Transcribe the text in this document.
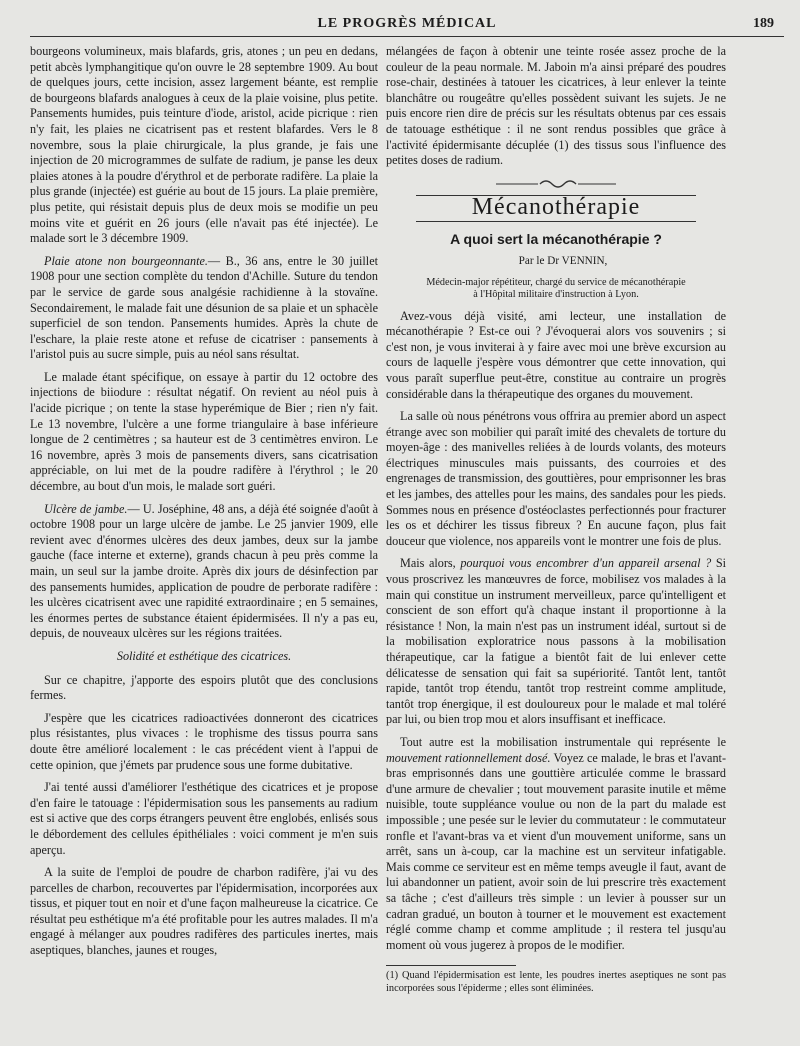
LE PROGRÈS MÉDICAL	189

bourgeons volumineux, mais blafards, gris, atones ; un peu en dedans, petit abcès lymphangitique qu'on ouvre le 28 septembre 1909. Au bout de quelques jours, cette incision, assez largement béante, est remplie de bourgeons blafards analogues à ceux de la plaie voisine, plus petite. Pansements humides, puis teinture d'iode, aristol, acide picrique : rien n'y fait, les plaies ne cicatrisent pas et restent blafardes. Vers le 8 novembre, sous la plaie chirurgicale, la plus grande, je fais une injection de 20 microgrammes de sulfate de radium, je panse les deux plaies atones à la poudre d'érythrol et de perborate radifère. La plaie la plus grande (injectée) est guérie au bout de 15 jours. La plaie première, plus petite, qui résistait depuis plus de deux mois se modifie un peu moins vite et guérit en 26 jours (elle n'avait pas été injectée). Le malade sort le 3 décembre 1909.

Plaie atone non bourgeonnante.— B., 36 ans, entre le 30 juillet 1908 pour une section complète du tendon d'Achille. Suture du tendon par le service de garde sous analgésie rachidienne à la stovaïne. Secondairement, le malade fait une désunion de sa plaie et un sphacèle superficiel de son tendon. Pansements humides. Après la chute de l'eschare, la plaie reste atone et refuse de cicatriser : pansements à l'aristol puis au sucre simple, puis au néol sans résultat.

Le malade étant spécifique, on essaye à partir du 12 octobre des injections de biiodure : résultat négatif. On revient au néol puis à l'acide picrique ; on tente la stase hyperémique de Bier ; rien n'y fait. Le 13 novembre, l'ulcère a une forme triangulaire à base inférieure longue de 2 centimètres ; sa hauteur est de 3 centimètres environ. Le 16 novembre, après 3 mois de pansements divers, sans cicatrisation appréciable, on lui met de la poudre radifère à l'érythrol ; le 20 décembre, au bout d'un mois, le malade sort guéri.

Ulcère de jambe.— U. Joséphine, 48 ans, a déjà été soignée d'août à octobre 1908 pour un large ulcère de jambe. Le 25 janvier 1909, elle revient avec d'énormes ulcères des deux jambes, deux sur la jambe gauche (face interne et externe), grands chacun à peu près comme la main, un seul sur la jambe droite. Après dix jours de désinfection par des pansements humides, application de poudre de perborate radifère : les ulcères cicatrisent avec une rapidité extraordinaire ; en 5 semaines, les énormes pertes de substance étaient épidermisées. Il n'y a pas eu, depuis, de nouveaux ulcères sur les régions traitées.

Solidité et esthétique des cicatrices.

Sur ce chapitre, j'apporte des espoirs plutôt que des conclusions fermes.

J'espère que les cicatrices radioactivées donneront des cicatrices plus résistantes, plus vivaces : le trophisme des tissus pourra sans doute être amélioré localement : le cas précédent vient à l'appui de cette opinion, que j'émets par prudence sous une forme dubitative.

J'ai tenté aussi d'améliorer l'esthétique des cicatrices et je propose d'en faire le tatouage : l'épidermisation sous les pansements au radium est si active que des corps étrangers peuvent être englobés, enlisés sous le débordement des cellules épithéliales : voici comment je m'en suis aperçu.

A la suite de l'emploi de poudre de charbon radifère, j'ai vu des parcelles de charbon, recouvertes par l'épidermisation, incorporées aux tissus, et piquer tout en noir et d'une façon malheureuse la cicatrice. Ce résultat peu esthétique m'a été profitable pour les autres malades. Il m'a engagé à mélanger aux poudres radifères des particules inertes, mais aseptiques, blanches, jaunes et rouges,

mélangées de façon à obtenir une teinte rosée assez proche de la couleur de la peau normale. M. Jaboin m'a ainsi préparé des poudres rose-chair, destinées à tatouer les cicatrices, à leur enlever la teinte blanchâtre ou rougeâtre qu'elles possèdent suivant les sujets. Je ne puis encore rien dire de précis sur les résultats obtenus par ces essais de tatouage esthétique : il ne sont rendus possibles que grâce à l'activité épidermisante décuplée (1) des tissus sous l'influence des petites doses de radium.

Mécanothérapie
A quoi sert la mécanothérapie ?

Par le Dr VENNIN,

Médecin-major répétiteur, chargé du service de mécanothérapie
à l'Hôpital militaire d'instruction à Lyon.

Avez-vous déjà visité, ami lecteur, une installation de mécanothérapie ? Est-ce oui ? J'évoquerai alors vos souvenirs ; si c'est non, je vous inviterai à y faire avec moi une brève excursion au cours de laquelle j'espère vous démontrer que cette innovation, qui vous paraît superflue peut-être, constitue au contraire un progrès considérable dans la thérapeutique des organes du mouvement.

La salle où nous pénétrons vous offrira au premier abord un aspect étrange avec son mobilier qui paraît imité des chevalets de torture du moyen-âge : des manivelles reliées à de lourds volants, des moteurs électriques minuscules mais puissants, des courroies et des engrenages de transmission, des gouttières, pour emprisonner les bras et les jambes, des attelles pour les mains, des sandales pour les pieds. Sommes nous en présence d'ostéoclastes perfectionnés pour fracturer les os et déchirer les tissus fibreux ? En aucune façon, plus fait douceur que violence, nos appareils vont le montrer une fois de plus.

Mais alors, pourquoi vous encombrer d'un appareil arsenal ? Si vous proscrivez les manœuvres de force, mobilisez vos malades à la main qui constitue un instrument merveilleux, parce qu'intelligent et conscient de son effort qu'à chaque instant il proportionne à la résistance ! Non, la main n'est pas un instrument idéal, surtout si de la mobilisation exploratrice nous passons à la mobilisation thérapeutique, car la fatigue a bientôt fait de lui enlever cette délicatesse de sensation qui fait sa supériorité. Tantôt lent, tantôt rapide, tantôt trop étendu, tantôt trop restreint comme amplitude, tantôt trop énergique, il est douloureux pour le malade et mal toléré par lui, ou bien trop mou et alors insuffisant et inefficace.

Tout autre est la mobilisation instrumentale qui représente le mouvement rationnellement dosé. Voyez ce malade, le bras et l'avant-bras emprisonnés dans une gouttière articulée comme le brassard d'une armure de chevalier ; tout mouvement parasite inutile et même nuisible, toute suppléance voulue ou non de la part du malade est impossible ; une pesée sur le levier du commutateur : le commutateur ronfle et l'avant-bras va et vient d'un mouvement uniforme, sans un arrêt, sans un à-coup, car la machine est un serviteur infatigable. Mais comme ce serviteur est en même temps aveugle il faut, avant de lui abandonner un patient, avoir soin de lui prescrire très exactement sa tâche ; c'est d'ailleurs très simple : un levier à pousser sur un cadran gradué, un bouton à tourner et le mouvement est exactement réglé comme champ et comme amplitude ; il restera tel jusqu'au moment où vous jugerez à propos de le modifier.

(1) Quand l'épidermisation est lente, les poudres inertes aseptiques ne sont pas incorporées sous l'épiderme ; elles sont éliminées.
